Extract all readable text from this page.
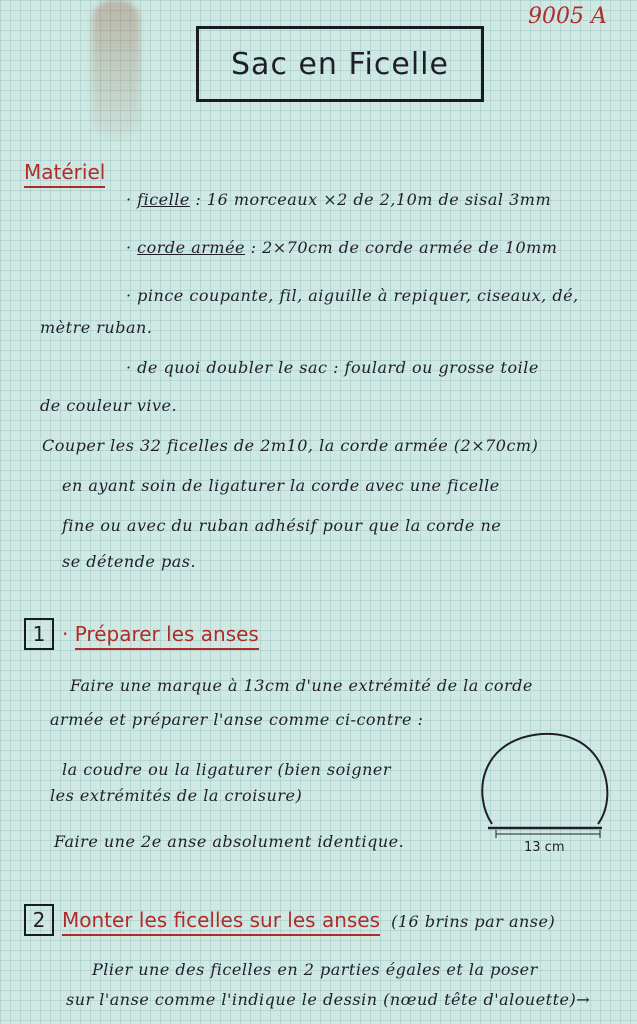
9005 A
Sac en Ficelle
Matériel
· ficelle : 16 morceaux ×2 de 2,10m de sisal 3mm
· corde armée : 2×70cm de corde armée de 10mm
· pince coupante, fil, aiguille à repiquer, ciseaux, dé,
mètre ruban.
· de quoi doubler le sac : foulard ou grosse toile
de couleur vive.
Couper les 32 ficelles de 2m10, la corde armée (2×70cm)
en ayant soin de ligaturer la corde avec une ficelle
fine ou avec du ruban adhésif pour que la corde ne
se détende pas.
1 · Préparer les anses
Faire une marque à 13cm d'une extrémité de la corde
armée et préparer l'anse comme ci-contre :
la coudre ou la ligaturer (bien soigner
les extrémités de la croisure)
Faire une 2e anse absolument identique.	13 cm
2 Monter les ficelles sur les anses (16 brins par anse)
Plier une des ficelles en 2 parties égales et la poser
sur l'anse comme l'indique le dessin (nœud tête d'alouette)→
